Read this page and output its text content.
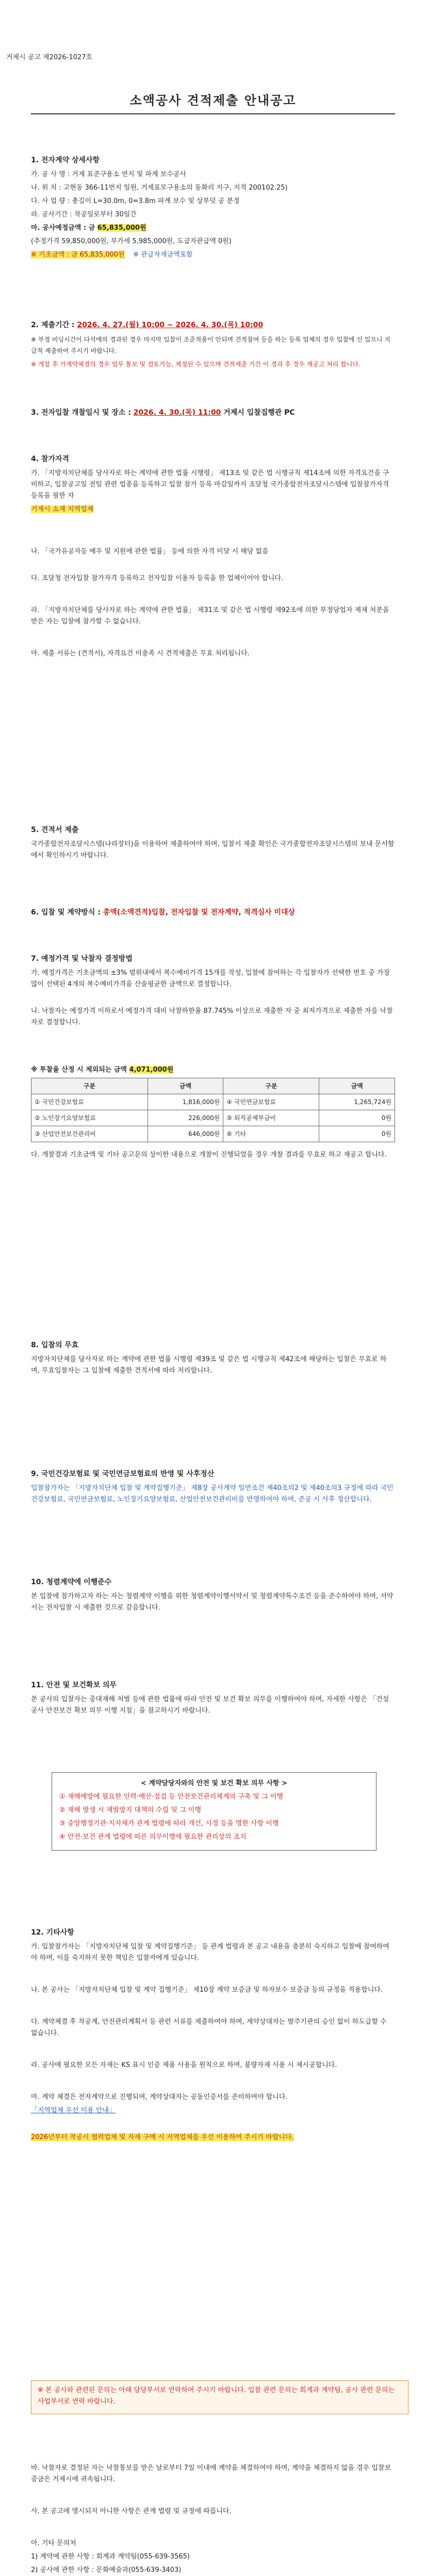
거제시 공고 제2026-1027호
소액공사 견적제출 안내공고
1. 전자계약 상세사항

가. 공 사 명 : 거제 표준구용소 연지 및 파계 보수공사

나. 위 치 : 고현동 366-11번지 일원, 거제표모구용소의 동화리 지구, 지적 200102.25)

다. 사 업 량 : 총길이 L=30.0m, 0=3.8m 파계 보수 및 상부덧 공 분정

라. 공사기간 : 착공일로부터 30일간

마. 공사예정금액 : 금 65,835,000원

(추정가격 59,850,000원, 부가세 5,985,000원, 도급자관급액 0원)

※ 기초금액 : 금 65,835,000원 ※ 관급자재금액포함

2. 제출기간 : 2026. 4. 27.(월) 10:00 ~ 2026. 4. 30.(목) 10:00

※ 부정 비딩시간이 다석에의 경과된 경우 마지막 입찰이 조준적용이 안되며 견적참여 등을 하는 등록 업체의 경우 입찰에 신 있으니 지급적 제출하여 주시기 바랍니다.

※ 개찰 후 가계약체결의 경우 업무 통보 및 검토가능, 제정된 수 있으며 견적제출 기간 이 경과 후 경우 재공고 처리 합니다.

3. 전자입찰 개찰일시 및 장소 : 2026. 4. 30.(목) 11:00 거제시 입찰집행관 PC
4. 참가자격

가. 「지방자치단체를 당사자로 하는 계약에 관한 법률 시행령」 제13조 및 같은 법 시행규칙 제14조에 의한 자격요건을 구비하고, 입찰공고일 전일 관련 업종을 등록하고 입찰 참가 등록 마감일까지 조달청 국가종합전자조달시스템에 입찰참가자격 등록을 필한 자

거제시 소재 지역업체

나. 「국가유공자등 예우 및 지원에 관한 법률」 등에 의한 자격 미달 시 해당 없음

다. 조달청 전자입찰 참가자격 등록하고 전자입찰 이용자 등록을 한 업체이어야 합니다.

라. 「지방자치단체를 당사자로 하는 계약에 관한 법률」 제31조 및 같은 법 시행령 제92조에 의한 부정당업자 제재 처분을 받은 자는 입찰에 참가할 수 없습니다.

마. 제출 서류는 (견적서), 자격요건 미충족 시 견적제출은 무효 처리됩니다.

5. 견적서 제출

국가종합전자조달시스템(나라장터)을 이용하여 제출하여야 하며, 입찰서 제출 확인은 국가종합전자조달시스템의 보내 문서함에서 확인하시기 바랍니다.

6. 입찰 및 계약방식 : 총액(소액견적)입찰, 전자입찰 및 전자계약, 적격심사 미대상
7. 예정가격 및 낙찰자 결정방법

가. 예정가격은 기초금액의 ±3% 범위내에서 복수예비가격 15개를 작성, 입찰에 참여하는 각 입찰자가 선택한 번호 중 가장 많이 선택된 4개의 복수예비가격을 산술평균한 금액으로 결정합니다.

나. 낙찰자는 예정가격 이하로서 예정가격 대비 낙찰하한율 87.745% 이상으로 제출한 자 중 최저가격으로 제출한 자를 낙찰자로 결정합니다.

※ 투찰율 산정 시 제외되는 금액 4,071,000원

구분	금액	구분	금액
① 국민건강보험료	1,816,000원	④ 국민연금보험료	1,265,724원
② 노인장기요양보험료	226,000원	⑤ 퇴직공제부금비	0원
③ 산업안전보건관리비	646,000원	⑥ 기타	0원

다. 개찰결과 기초금액 및 기타 공고문의 상이한 내용으로 개찰이 진행되었을 경우 개찰 결과를 무효로 하고 재공고 합니다.

8. 입찰의 무효

지방자치단체를 당사자로 하는 계약에 관한 법률 시행령 제39조 및 같은 법 시행규칙 제42조에 해당하는 입찰은 무효로 하며, 무효입찰자는 그 입찰에 제출한 견적서에 따라 처리합니다.

9. 국민건강보험료 및 국민연금보험료의 반영 및 사후정산

입찰참가자는 「지방자치단체 입찰 및 계약집행기준」 제8장 공사계약 일반조건 제40조의2 및 제40조의3 규정에 따라 국민건강보험료, 국민연금보험료, 노인장기요양보험료, 산업안전보건관리비를 반영하여야 하며, 준공 시 사후 정산합니다.

10. 청렴계약에 이행준수

본 입찰에 참가하고자 하는 자는 청렴계약 이행을 위한 청렴계약이행서약서 및 청렴계약특수조건 등을 준수하여야 하며, 서약서는 전자입찰 시 제출한 것으로 갈음합니다.

11. 안전 및 보건확보 의무

본 공사의 입찰자는 중대재해 처벌 등에 관한 법률에 따라 안전 및 보건 확보 의무를 이행하여야 하며, 자세한 사항은 「건설공사 안전보건 확보 의무 이행 지침」을 참고하시기 바랍니다.

< 계약담당자와의 안전 및 보건 확보 의무 사항 >

① 재해예방에 필요한 인력·예산·점검 등 안전보건관리체계의 구축 및 그 이행

② 재해 발생 시 재발방지 대책의 수립 및 그 이행

③ 중앙행정기관·지자체가 관계 법령에 따라 개선, 시정 등을 명한 사항 이행

④ 안전·보건 관계 법령에 따른 의무이행에 필요한 관리상의 조치

12. 기타사항

가. 입찰참가자는 「지방자치단체 입찰 및 계약집행기준」 등 관계 법령과 본 공고 내용을 충분히 숙지하고 입찰에 참여하여야 하며, 이를 숙지하지 못한 책임은 입찰자에게 있습니다.

나. 본 공사는 「지방자치단체 입찰 및 계약 집행기준」 제10장 계약 보증금 및 하자보수 보증금 등의 규정을 적용합니다.

다. 계약체결 후 착공계, 안전관리계획서 등 관련 서류를 제출하여야 하며, 계약상대자는 발주기관의 승인 없이 하도급할 수 없습니다.

라. 공사에 필요한 모든 자재는 KS 표시 인증 제품 사용을 원칙으로 하며, 불량자재 사용 시 재시공합니다.

마. 계약 체결은 전자계약으로 진행되며, 계약상대자는 공동인증서를 준비하여야 합니다.

「지역업체 우선 이용 안내」

2026년부터 착공시 협력업체 및 자재 구매 시 지역업체를 우선 이용하여 주시기 바랍니다.

※ 본 공사와 관련된 문의는 아래 담당부서로 연락하여 주시기 바랍니다. 입찰 관련 문의는 회계과 계약팀, 공사 관련 문의는 사업부서로 연락 바랍니다.

바. 낙찰자로 결정된 자는 낙찰통보를 받은 날로부터 7일 이내에 계약을 체결하여야 하며, 계약을 체결하지 않을 경우 입찰보증금은 거제시에 귀속됩니다.

사. 본 공고에 명시되지 아니한 사항은 관계 법령 및 규정에 따릅니다.

아. 기타 문의처

1) 계약에 관한 사항 : 회계과 계약팀(055-639-3565)

2) 공사에 관한 사항 : 문화예술과(055-639-3403)
